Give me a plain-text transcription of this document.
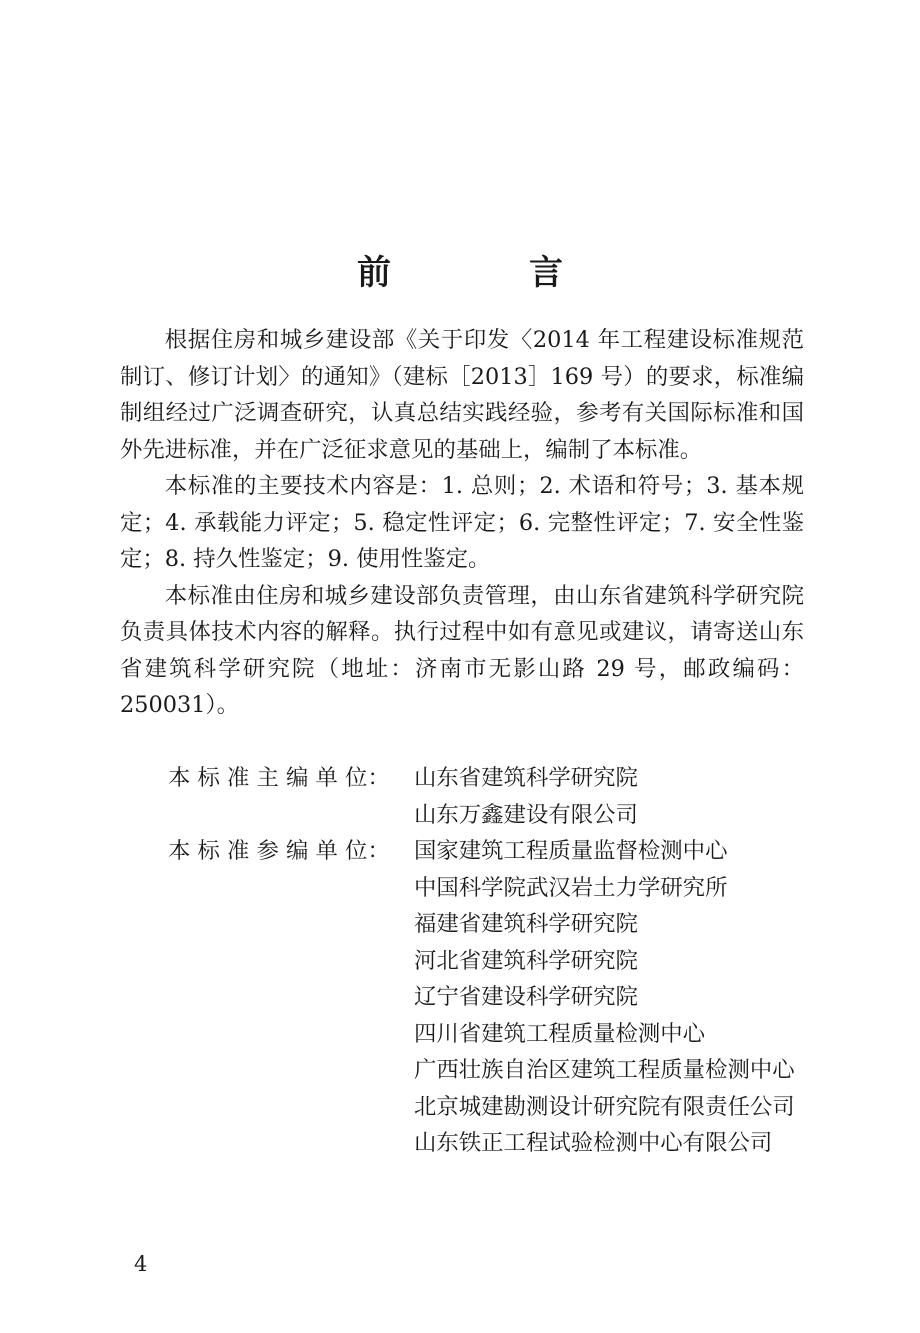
前　言

根据住房和城乡建设部《关于印发〈2014 年工程建设标准规范制订、修订计划〉的通知》（建标［2013］169 号）的要求，标准编制组经过广泛调查研究，认真总结实践经验，参考有关国际标准和国外先进标准，并在广泛征求意见的基础上，编制了本标准。

本标准的主要技术内容是：1. 总则；2. 术语和符号；3. 基本规定；4. 承载能力评定；5. 稳定性评定；6. 完整性评定；7. 安全性鉴定；8. 持久性鉴定；9. 使用性鉴定。

本标准由住房和城乡建设部负责管理，由山东省建筑科学研究院负责具体技术内容的解释。执行过程中如有意见或建议，请寄送山东省建筑科学研究院（地址：济南市无影山路 29 号，邮政编码：250031）。

本 标 准 主 编 单 位：	山东省建筑科学研究院
山东万鑫建设有限公司
本 标 准 参 编 单 位：	国家建筑工程质量监督检测中心
中国科学院武汉岩土力学研究所
福建省建筑科学研究院
河北省建筑科学研究院
辽宁省建设科学研究院
四川省建筑工程质量检测中心
广西壮族自治区建筑工程质量检测中心
北京城建勘测设计研究院有限责任公司
山东铁正工程试验检测中心有限公司
4
